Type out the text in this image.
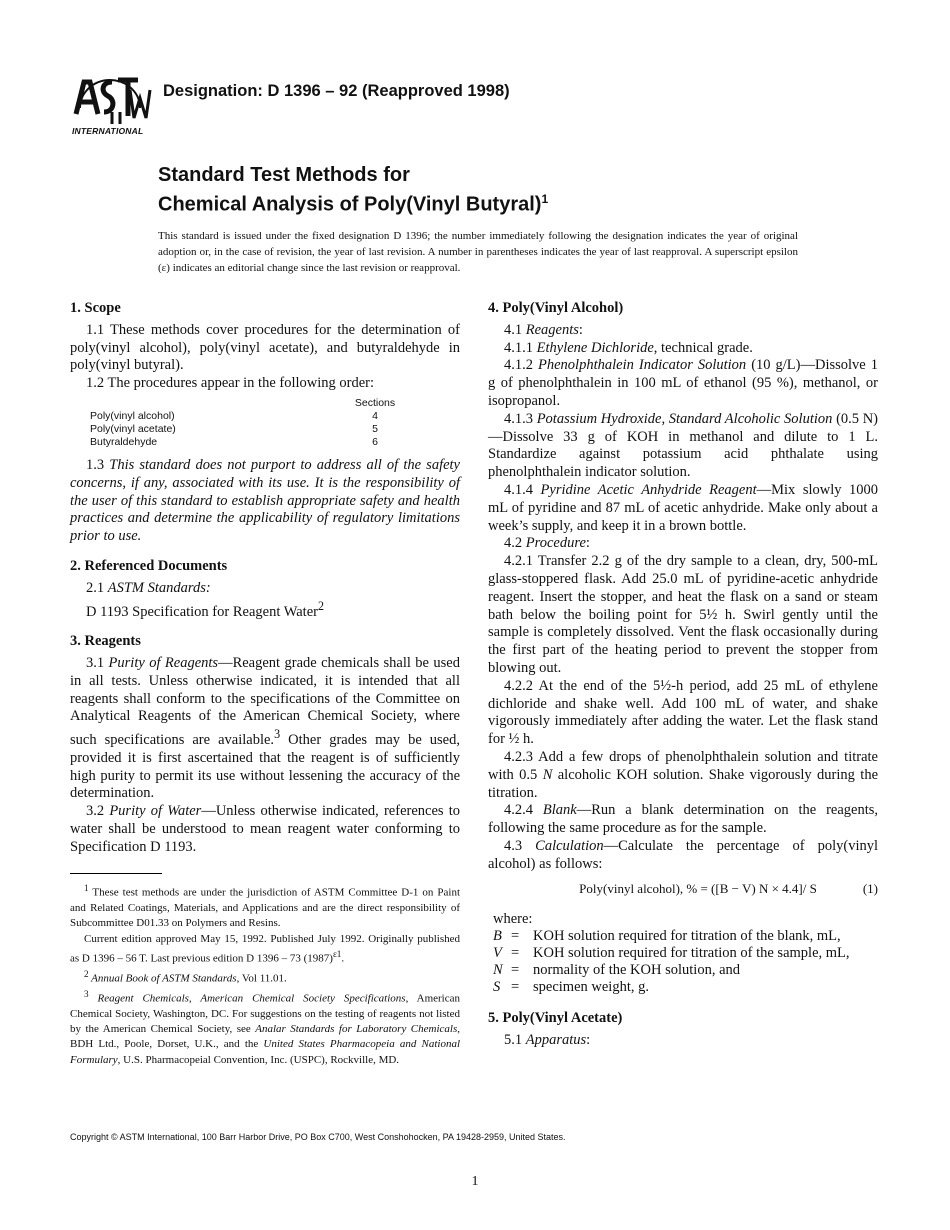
INTERNATIONAL
Designation: D 1396 – 92 (Reapproved 1998)

Standard Test Methods for

Chemical Analysis of Poly(Vinyl Butyral)$^1$

This standard is issued under the fixed designation D 1396; the number immediately following the designation indicates the year of original adoption or, in the case of revision, the year of last revision. A number in parentheses indicates the year of last reapproval. A superscript epsilon (ε) indicates an editorial change since the last revision or reapproval.
1. Scope

1.1 These methods cover procedures for the determination of poly(vinyl alcohol), poly(vinyl acetate), and butyraldehyde in poly(vinyl butyral).

1.2 The procedures appear in the following order:

	Sections
Poly(vinyl alcohol)	4
Poly(vinyl acetate)	5
Butyraldehyde	6

1.3 This standard does not purport to address all of the safety concerns, if any, associated with its use. It is the responsibility of the user of this standard to establish appropriate safety and health practices and determine the applicability of regulatory limitations prior to use.

2. Referenced Documents

2.1 ASTM Standards:

D 1193 Specification for Reagent Water$^2$

3. Reagents

3.1 Purity of Reagents—Reagent grade chemicals shall be used in all tests. Unless otherwise indicated, it is intended that all reagents shall conform to the specifications of the Committee on Analytical Reagents of the American Chemical Society, where such specifications are available.$^3$ Other grades may be used, provided it is first ascertained that the reagent is of sufficiently high purity to permit its use without lessening the accuracy of the determination.

3.2 Purity of Water—Unless otherwise indicated, references to water shall be understood to mean reagent water conforming to Specification D 1193.

$^1$ These test methods are under the jurisdiction of ASTM Committee D-1 on Paint and Related Coatings, Materials, and Applications and are the direct responsibility of Subcommittee D01.33 on Polymers and Resins.

Current edition approved May 15, 1992. Published July 1992. Originally published as D 1396 – 56 T. Last previous edition D 1396 – 73 $(1987)^{\varepsilon 1}$.

$^2$ Annual Book of ASTM Standards, Vol 11.01.

$^3$ Reagent Chemicals, American Chemical Society Specifications, American Chemical Society, Washington, DC. For suggestions on the testing of reagents not listed by the American Chemical Society, see Analar Standards for Laboratory Chemicals, BDH Ltd., Poole, Dorset, U.K., and the United States Pharmacopeia and National Formulary, U.S. Pharmacopeial Convention, Inc. (USPC), Rockville, MD.

4. Poly(Vinyl Alcohol)

4.1 Reagents:

4.1.1 Ethylene Dichloride, technical grade.

4.1.2 Phenolphthalein Indicator Solution (10 g/L)—Dissolve 1 g of phenolphthalein in 100 mL of ethanol (95 %), methanol, or isopropanol.

4.1.3 Potassium Hydroxide, Standard Alcoholic Solution (0.5 N)—Dissolve 33 g of KOH in methanol and dilute to 1 L. Standardize against potassium acid phthalate using phenolphthalein indicator solution.

4.1.4 Pyridine Acetic Anhydride Reagent—Mix slowly 1000 mL of pyridine and 87 mL of acetic anhydride. Make only about a week’s supply, and keep it in a brown bottle.

4.2 Procedure:

4.2.1 Transfer 2.2 g of the dry sample to a clean, dry, 500-mL glass-stoppered flask. Add 25.0 mL of pyridine-acetic anhydride reagent. Insert the stopper, and heat the flask on a sand or steam bath below the boiling point for 5½ h. Swirl gently until the sample is completely dissolved. Vent the flask occasionally during the first part of the heating period to prevent the stopper from blowing out.

4.2.2 At the end of the 5½-h period, add 25 mL of ethylene dichloride and shake well. Add 100 mL of water, and shake vigorously immediately after adding the water. Let the flask stand for ½ h.

4.2.3 Add a few drops of phenolphthalein solution and titrate with 0.5 N alcoholic KOH solution. Shake vigorously during the titration.

4.2.4 Blank—Run a blank determination on the reagents, following the same procedure as for the sample.

4.3 Calculation—Calculate the percentage of poly(vinyl alcohol) as follows:

Poly(vinyl alcohol), % = ([B − V) N × 4.4]/ S	(1)
where:
B = KOH solution required for titration of the blank, mL,
V = KOH solution required for titration of the sample, mL,
N = normality of the KOH solution, and
S = specimen weight, g.
5. Poly(Vinyl Acetate)

5.1 Apparatus:

Copyright © ASTM International, 100 Barr Harbor Drive, PO Box C700, West Conshohocken, PA 19428-2959, United States.
1
